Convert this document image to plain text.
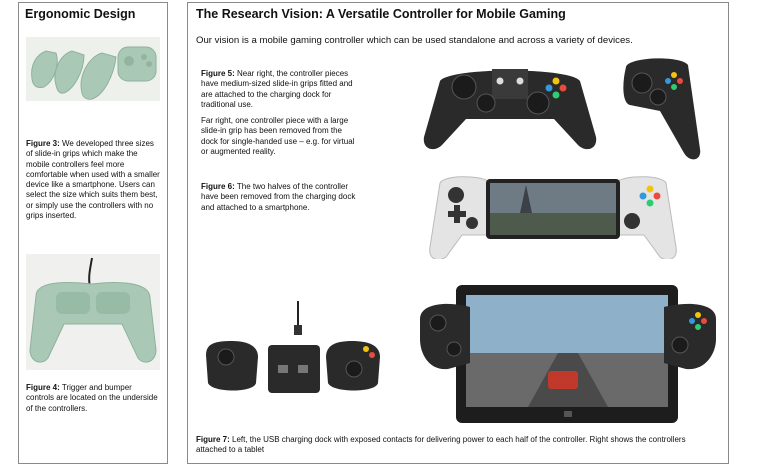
Ergonomic Design
Figure 3: We developed three sizes of slide-in grips which make the mobile controllers feel more comfortable when used with a smaller device like a smartphone. Users can select the size which suits them best, or simply use the controllers with no grips inserted.
Figure 4: Trigger and bumper controls are located on the underside of the controllers.
The Research Vision: A Versatile Controller for Mobile Gaming
Our vision is a mobile gaming controller which can be used standalone and across a variety of devices.
Figure 5: Near right, the controller pieces have medium-sized slide-in grips fitted and are attached to the charging dock for traditional use.
Far right, one controller piece with a large slide-in grip has been removed from the dock for single-handed use – e.g. for virtual or augmented reality.
Figure 6: The two halves of the controller have been removed from the charging dock and attached to a smartphone.
Figure 7: Left, the USB charging dock with exposed contacts for delivering power to each half of the controller. Right shows the controllers attached to a tablet
